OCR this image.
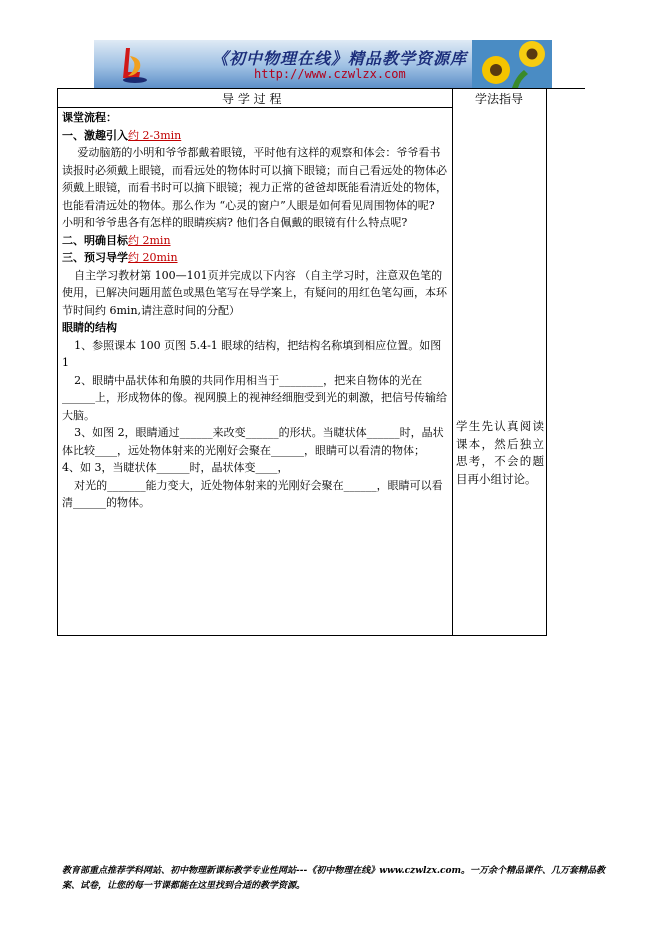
《初中物理在线》精品教学资源库
http://www.czwlzx.com
导 学 过 程	学法指导

课堂流程：

一、激趣引入约 2-3min

爱动脑筋的小明和爷爷都戴着眼镜，平时他有这样的观察和体会：爷爷看书读报时必须戴上眼镜，而看远处的物体时可以摘下眼镜；而自己看远处的物体必须戴上眼镜，而看书时可以摘下眼镜；视力正常的爸爸却既能看清近处的物体，也能看清远处的物体。那么作为 “心灵的窗户”人眼是如何看见周围物体的呢? 小明和爷爷患各有怎样的眼睛疾病? 他们各自佩戴的眼镜有什么特点呢?

二、明确目标约 2min

三、预习导学约 20min

自主学习教材第 100—101页并完成以下内容 （自主学习时，注意双色笔的使用，已解决问题用蓝色或黑色笔写在导学案上，有疑问的用红色笔勾画，本环节时间约 6min,请注意时间的分配）

眼睛的结构

1、参照课本 100 页图 5.4-1 眼球的结构，把结构名称填到相应位置。如图 1

2、眼睛中晶状体和角膜的共同作用相当于________，把来自物体的光在______上，形成物体的像。视网膜上的视神经细胞受到光的刺激，把信号传输给大脑。

3、如图 2，眼睛通过______来改变______的形状。当睫状体______时，晶状体比较____，远处物体射来的光刚好会聚在______，眼睛可以看清的物体；

4、如 3，当睫状体______时，晶状体变____，

对光的_______能力变大，近处物体射来的光刚好会聚在______，眼睛可以看清______的物体。

学生先认真阅读课本，然后独立思考，不会的题目再小组讨论。
教育部重点推荐学科网站、初中物理新课标教学专业性网站---《初中物理在线》www.czwlzx.com。一万余个精品课件、几万套精品教案、试卷，让您的每一节课都能在这里找到合适的教学资源。
